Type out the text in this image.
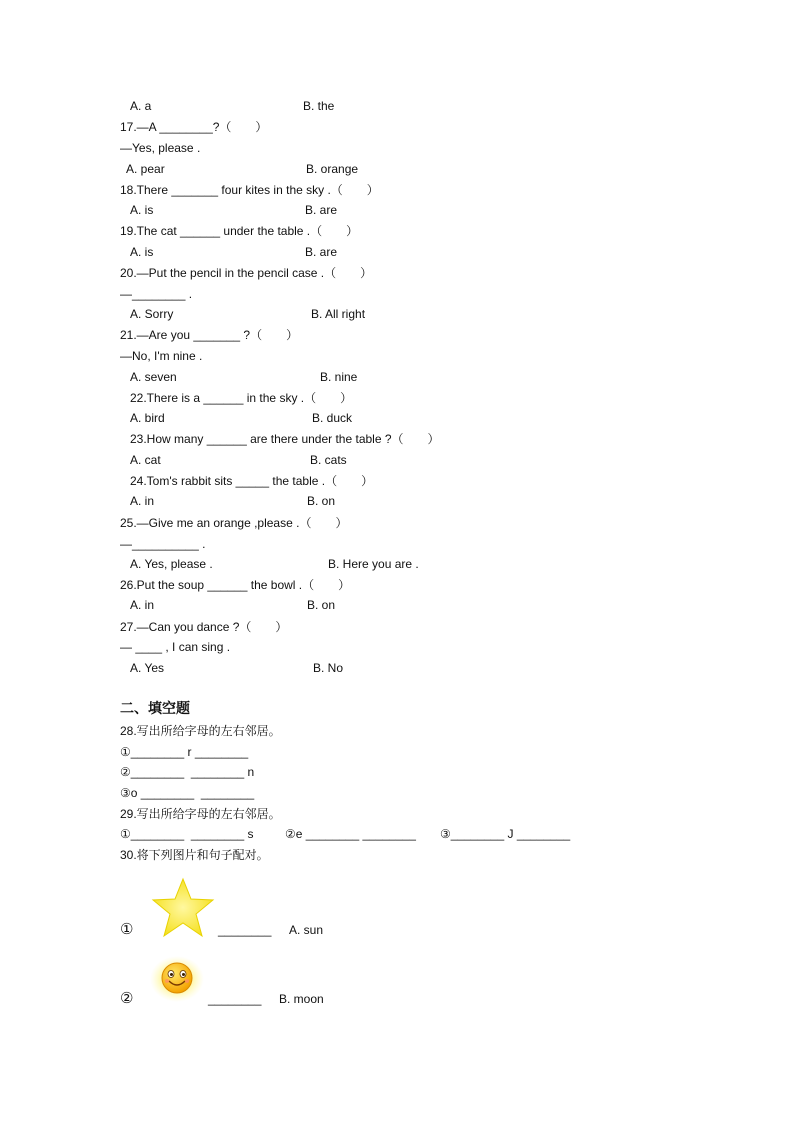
A. a	B. the
17.—A ________?（　　）
—Yes, please .
A. pear	B. orange
18.There _______ four kites in the sky .（　　）
A. is	B. are
19.The cat ______ under the table .（　　）
A. is	B. are
20.—Put the pencil in the pencil case .（　　）
—________ .
A. Sorry	B. All right
21.—Are you _______ ?（　　）
—No, I'm nine .
A. seven	B. nine
22.There is a ______ in the sky .（　　）
A. bird	B. duck
23.How many ______ are there under the table ?（　　）
A. cat	B. cats
24.Tom's rabbit sits _____ the table .（　　）
A. in	B. on
25.—Give me an orange ,please .（　　）
—__________ .
A. Yes, please .	B. Here you are .
26.Put the soup ______ the bowl .（　　）
A. in	B. on
27.—Can you dance ?（　　）
— ____ , I can sing .
A. Yes	B. No
二、填空题
28.写出所给字母的左右邻居。
①________ r ________
②________  ________ n
③o ________  ________
29.写出所给字母的左右邻居。
①________  ________ s	②e ________ ________ ③________ J ________
30.将下列图片和句子配对。
①	________ A. sun
②	________ B. moon
